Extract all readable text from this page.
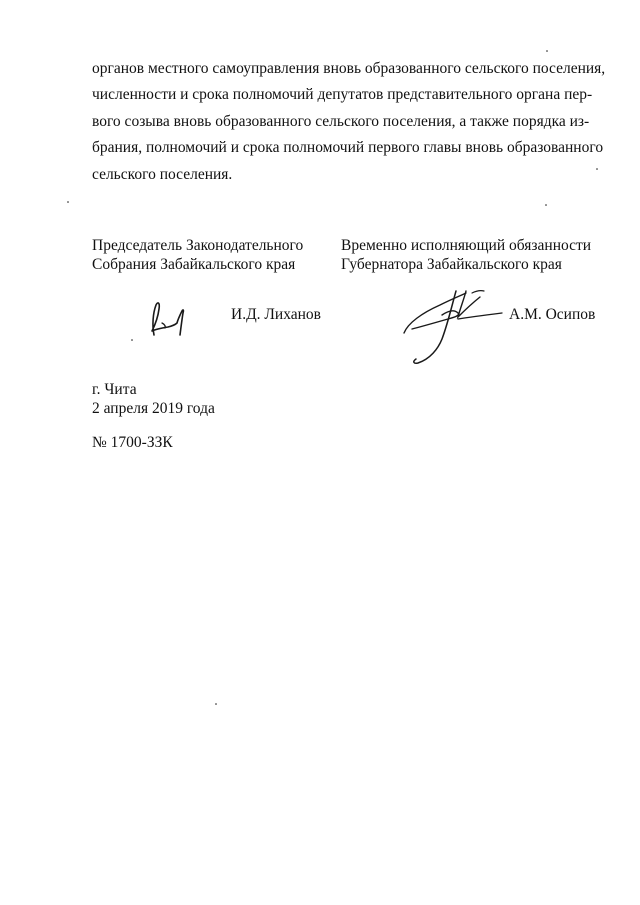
органов местного самоуправления вновь образованного сельского поселения,
численности и срока полномочий депутатов представительного органа пер-
вого созыва вновь образованного сельского поселения, а также порядка из-
брания, полномочий и срока полномочий первого главы вновь образованного
сельского поселения.
Председатель Законодательного
Собрания Забайкальского края
Временно исполняющий обязанности
Губернатора Забайкальского края
И.Д. Лиханов	А.М. Осипов
г. Чита
2 апреля 2019 года
№ 1700-ЗЗК
